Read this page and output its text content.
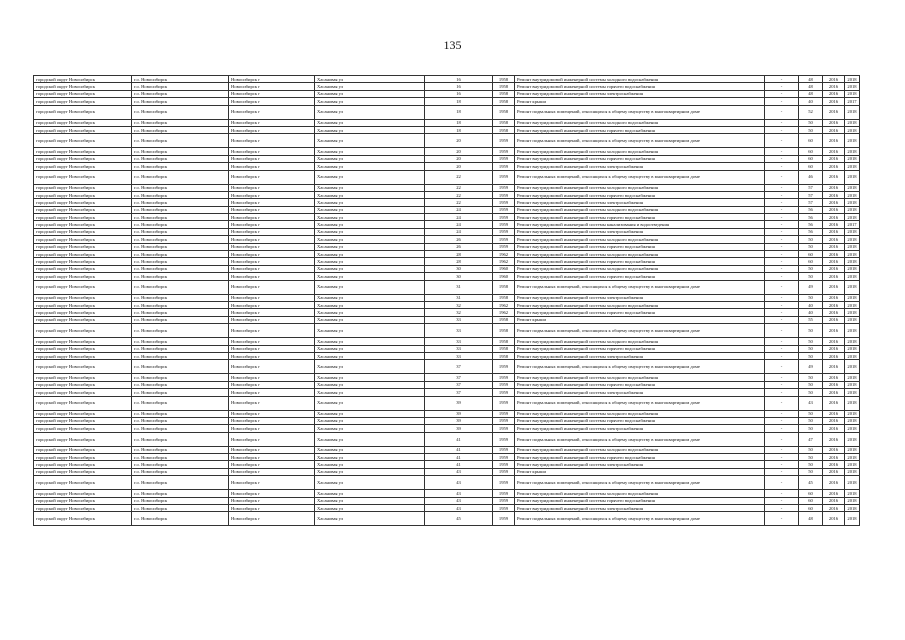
135
городской округ Новосибирск	г.о. Новосибирск	Новосибирск г	Хасановая ул	16	1958	Ремонт внутридомовой инженерной системы холодного водоснабжения	-	48	2016	2018
городской округ Новосибирск	г.о. Новосибирск	Новосибирск г	Хасановая ул	16	1958	Ремонт внутридомовой инженерной системы горячего водоснабжения	-	48	2016	2018
городской округ Новосибирск	г.о. Новосибирск	Новосибирск г	Хасановая ул	16	1958	Ремонт внутридомовой инженерной системы электроснабжения	-	48	2016	2018
городской округ Новосибирск	г.о. Новосибирск	Новосибирск г	Хасановая ул	18	1958	Ремонт крыши	-	40	2016	2017
городской округ Новосибирск	г.о. Новосибирск	Новосибирск г	Хасановая ул	18	1958	Ремонт подвальных помещений, относящихся к общему имуществу в многоквартирном доме	-	52	2016	2018
городской округ Новосибирск	г.о. Новосибирск	Новосибирск г	Хасановая ул	18	1958	Ремонт внутридомовой инженерной системы холодного водоснабжения	-	50	2016	2018
городской округ Новосибирск	г.о. Новосибирск	Новосибирск г	Хасановая ул	18	1958	Ремонт внутридомовой инженерной системы горячего водоснабжения	-	50	2016	2018
городской округ Новосибирск	г.о. Новосибирск	Новосибирск г	Хасановая ул	20	1959	Ремонт подвальных помещений, относящихся к общему имуществу в многоквартирном доме	-	60	2016	2018
городской округ Новосибирск	г.о. Новосибирск	Новосибирск г	Хасановая ул	20	1959	Ремонт внутридомовой инженерной системы холодного водоснабжения	-	60	2016	2018
городской округ Новосибирск	г.о. Новосибирск	Новосибирск г	Хасановая ул	20	1959	Ремонт внутридомовой инженерной системы горячего водоснабжения	-	60	2016	2018
городской округ Новосибирск	г.о. Новосибирск	Новосибирск г	Хасановая ул	20	1959	Ремонт внутридомовой инженерной системы электроснабжения	-	60	2016	2018
городской округ Новосибирск	г.о. Новосибирск	Новосибирск г	Хасановая ул	22	1959	Ремонт подвальных помещений, относящихся к общему имуществу в многоквартирном доме	-	46	2016	2018
городской округ Новосибирск	г.о. Новосибирск	Новосибирск г	Хасановая ул	22	1959	Ремонт внутридомовой инженерной системы холодного водоснабжения	-	57	2016	2018
городской округ Новосибирск	г.о. Новосибирск	Новосибирск г	Хасановая ул	22	1959	Ремонт внутридомовой инженерной системы горячего водоснабжения	-	57	2016	2018
городской округ Новосибирск	г.о. Новосибирск	Новосибирск г	Хасановая ул	22	1959	Ремонт внутридомовой инженерной системы электроснабжения	-	57	2016	2018
городской округ Новосибирск	г.о. Новосибирск	Новосибирск г	Хасановая ул	24	1959	Ремонт внутридомовой инженерной системы холодного водоснабжения	-	56	2016	2018
городской округ Новосибирск	г.о. Новосибирск	Новосибирск г	Хасановая ул	24	1959	Ремонт внутридомовой инженерной системы горячего водоснабжения	-	56	2016	2018
городской округ Новосибирск	г.о. Новосибирск	Новосибирск г	Хасановая ул	24	1959	Ремонт внутридомовой инженерной системы канализования и водоотведения	-	56	2016	2017
городской округ Новосибирск	г.о. Новосибирск	Новосибирск г	Хасановая ул	24	1959	Ремонт внутридомовой инженерной системы электроснабжения	-	56	2016	2018
городской округ Новосибирск	г.о. Новосибирск	Новосибирск г	Хасановая ул	26	1959	Ремонт внутридомовой инженерной системы холодного водоснабжения	-	50	2016	2018
городской округ Новосибирск	г.о. Новосибирск	Новосибирск г	Хасановая ул	26	1959	Ремонт внутридомовой инженерной системы горячего водоснабжения	-	50	2016	2018
городской округ Новосибирск	г.о. Новосибирск	Новосибирск г	Хасановая ул	28	1962	Ремонт внутридомовой инженерной системы холодного водоснабжения	-	60	2016	2018
городской округ Новосибирск	г.о. Новосибирск	Новосибирск г	Хасановая ул	28	1962	Ремонт внутридомовой инженерной системы горячего водоснабжения	-	60	2016	2018
городской округ Новосибирск	г.о. Новосибирск	Новосибирск г	Хасановая ул	30	1960	Ремонт внутридомовой инженерной системы холодного водоснабжения	-	50	2016	2018
городской округ Новосибирск	г.о. Новосибирск	Новосибирск г	Хасановая ул	30	1960	Ремонт внутридомовой инженерной системы горячего водоснабжения	-	50	2016	2018
городской округ Новосибирск	г.о. Новосибирск	Новосибирск г	Хасановая ул	31	1958	Ремонт подвальных помещений, относящихся к общему имуществу в многоквартирном доме	-	49	2016	2018
городской округ Новосибирск	г.о. Новосибирск	Новосибирск г	Хасановая ул	31	1958	Ремонт внутридомовой инженерной системы электроснабжения	-	50	2016	2018
городской округ Новосибирск	г.о. Новосибирск	Новосибирск г	Хасановая ул	32	1962	Ремонт внутридомовой инженерной системы холодного водоснабжения	-	40	2016	2018
городской округ Новосибирск	г.о. Новосибирск	Новосибирск г	Хасановая ул	32	1962	Ремонт внутридомовой инженерной системы горячего водоснабжения	-	40	2016	2018
городской округ Новосибирск	г.о. Новосибирск	Новосибирск г	Хасановая ул	33	1958	Ремонт крыши	-	55	2016	2018
городской округ Новосибирск	г.о. Новосибирск	Новосибирск г	Хасановая ул	33	1958	Ремонт подвальных помещений, относящихся к общему имуществу в многоквартирном доме	-	50	2016	2018
городской округ Новосибирск	г.о. Новосибирск	Новосибирск г	Хасановая ул	33	1958	Ремонт внутридомовой инженерной системы холодного водоснабжения	-	50	2016	2018
городской округ Новосибирск	г.о. Новосибирск	Новосибирск г	Хасановая ул	33	1958	Ремонт внутридомовой инженерной системы горячего водоснабжения	-	50	2016	2018
городской округ Новосибирск	г.о. Новосибирск	Новосибирск г	Хасановая ул	33	1958	Ремонт внутридомовой инженерной системы электроснабжения	-	50	2016	2018
городской округ Новосибирск	г.о. Новосибирск	Новосибирск г	Хасановая ул	37	1959	Ремонт подвальных помещений, относящихся к общему имуществу в многоквартирном доме	-	49	2016	2018
городской округ Новосибирск	г.о. Новосибирск	Новосибирск г	Хасановая ул	37	1959	Ремонт внутридомовой инженерной системы холодного водоснабжения	-	50	2016	2018
городской округ Новосибирск	г.о. Новосибирск	Новосибирск г	Хасановая ул	37	1959	Ремонт внутридомовой инженерной системы горячего водоснабжения	-	50	2016	2018
городской округ Новосибирск	г.о. Новосибирск	Новосибирск г	Хасановая ул	37	1959	Ремонт внутридомовой инженерной системы электроснабжения	-	50	2016	2018
городской округ Новосибирск	г.о. Новосибирск	Новосибирск г	Хасановая ул	39	1959	Ремонт подвальных помещений, относящихся к общему имуществу в многоквартирном доме	-	43	2016	2018
городской округ Новосибирск	г.о. Новосибирск	Новосибирск г	Хасановая ул	39	1959	Ремонт внутридомовой инженерной системы холодного водоснабжения	-	50	2016	2018
городской округ Новосибирск	г.о. Новосибирск	Новосибирск г	Хасановая ул	39	1959	Ремонт внутридомовой инженерной системы горячего водоснабжения	-	50	2016	2018
городской округ Новосибирск	г.о. Новосибирск	Новосибирск г	Хасановая ул	39	1959	Ремонт внутридомовой инженерной системы электроснабжения	-	50	2016	2018
городской округ Новосибирск	г.о. Новосибирск	Новосибирск г	Хасановая ул	41	1959	Ремонт подвальных помещений, относящихся к общему имуществу в многоквартирном доме	-	47	2016	2018
городской округ Новосибирск	г.о. Новосибирск	Новосибирск г	Хасановая ул	41	1959	Ремонт внутридомовой инженерной системы холодного водоснабжения	-	50	2016	2018
городской округ Новосибирск	г.о. Новосибирск	Новосибирск г	Хасановая ул	41	1959	Ремонт внутридомовой инженерной системы горячего водоснабжения	-	50	2016	2018
городской округ Новосибирск	г.о. Новосибирск	Новосибирск г	Хасановая ул	41	1959	Ремонт внутридомовой инженерной системы электроснабжения	-	50	2016	2018
городской округ Новосибирск	г.о. Новосибирск	Новосибирск г	Хасановая ул	43	1959	Ремонт крыши	-	50	2016	2018
городской округ Новосибирск	г.о. Новосибирск	Новосибирск г	Хасановая ул	43	1959	Ремонт подвальных помещений, относящихся к общему имуществу в многоквартирном доме	-	45	2016	2018
городской округ Новосибирск	г.о. Новосибирск	Новосибирск г	Хасановая ул	43	1959	Ремонт внутридомовой инженерной системы холодного водоснабжения	-	60	2016	2018
городской округ Новосибирск	г.о. Новосибирск	Новосибирск г	Хасановая ул	43	1959	Ремонт внутридомовой инженерной системы горячего водоснабжения	-	60	2016	2018
городской округ Новосибирск	г.о. Новосибирск	Новосибирск г	Хасановая ул	43	1959	Ремонт внутридомовой инженерной системы электроснабжения	-	60	2016	2018
городской округ Новосибирск	г.о. Новосибирск	Новосибирск г	Хасановая ул	45	1959	Ремонт подвальных помещений, относящихся к общему имуществу в многоквартирном доме	-	48	2016	2018
